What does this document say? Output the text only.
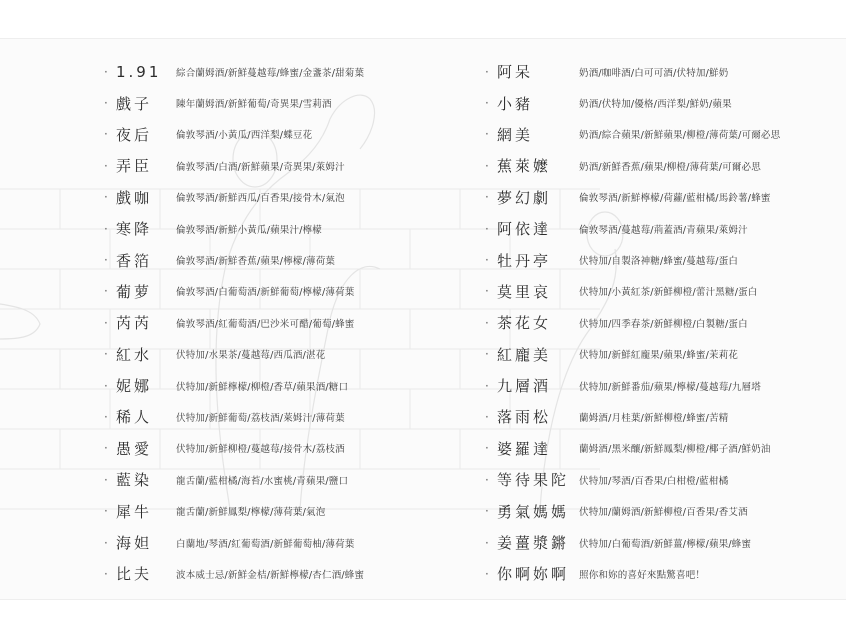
· 1.91	綜合蘭姆酒/新鮮蔓越莓/蜂蜜/金盞茶/甜菊葉
· 戲子	陳年蘭姆酒/新鮮葡萄/奇異果/雪莉酒
· 夜后	倫敦琴酒/小黃瓜/西洋梨/蝶豆花
· 弄臣	倫敦琴酒/白酒/新鮮蘋果/奇異果/萊姆汁
· 戲咖	倫敦琴酒/新鮮西瓜/百香果/接骨木/氣泡
· 寒降	倫敦琴酒/新鮮小黃瓜/蘋果汁/檸檬
· 香箔	倫敦琴酒/新鮮香蕉/蘋果/檸檬/薄荷葉
· 葡萝	倫敦琴酒/白葡萄酒/新鮮葡萄/檸檬/薄荷葉
· 芮芮	倫敦琴酒/紅葡萄酒/巴沙米可醋/葡萄/蜂蜜
· 紅水	伏特加/水果茶/蔓越莓/西瓜酒/湛花
· 妮娜	伏特加/新鮮檸檬/柳橙/香草/蘋果酒/糖口
· 稀人	伏特加/新鮮葡萄/荔枝酒/萊姆汁/薄荷葉
· 愚愛	伏特加/新鮮柳橙/蔓越莓/接骨木/荔枝酒
· 藍染	龍舌蘭/藍柑橘/海苔/水蜜桃/青蘋果/鹽口
· 犀牛	龍舌蘭/新鮮鳳梨/檸檬/薄荷葉/氣泡
· 海妲	白蘭地/琴酒/紅葡萄酒/新鮮葡萄柚/薄荷葉
· 比夫	波本威士忌/新鮮金桔/新鮮檸檬/杏仁酒/蜂蜜
· 阿呆	奶酒/咖啡酒/白可可酒/伏特加/鮮奶
· 小豬	奶酒/伏特加/優格/西洋梨/鮮奶/蘋果
· 網美	奶酒/綜合蘋果/新鮮蘋果/柳橙/薄荷葉/可爾必思
· 蕉萊嬤	奶酒/新鮮香蕉/蘋果/柳橙/薄荷葉/可爾必思
· 夢幻劇	倫敦琴酒/新鮮檸檬/荷蘿/藍柑橘/馬鈴薯/蜂蜜
· 阿依達	倫敦琴酒/蔓越莓/荊蓋酒/青蘋果/萊姆汁
· 牡丹亭	伏特加/自製洛神糖/蜂蜜/蔓越莓/蛋白
· 莫里哀	伏特加/小黃紅茶/新鮮柳橙/蕾汁黑糖/蛋白
· 茶花女	伏特加/四季春茶/新鮮柳橙/白製糖/蛋白
· 紅龐美	伏特加/新鮮紅龐果/蘋果/蜂蜜/茉莉花
· 九層酒	伏特加/新鮮番茄/蘋果/檸檬/蔓越莓/九層塔
· 落雨松	蘭姆酒/月桂葉/新鮮柳橙/蜂蜜/苦精
· 婆羅達	蘭姆酒/黑米釀/新鮮鳳梨/柳橙/椰子酒/鮮奶油
· 等待果陀	伏特加/琴酒/百香果/白柑橙/藍柑橘
· 勇氣媽媽	伏特加/蘭姆酒/新鮮柳橙/百香果/香艾酒
· 姜薑漿鏘	伏特加/白葡萄酒/新鮮薑/檸檬/蘋果/蜂蜜
· 你啊妳啊	照你和妳的喜好來點驚喜吧！
